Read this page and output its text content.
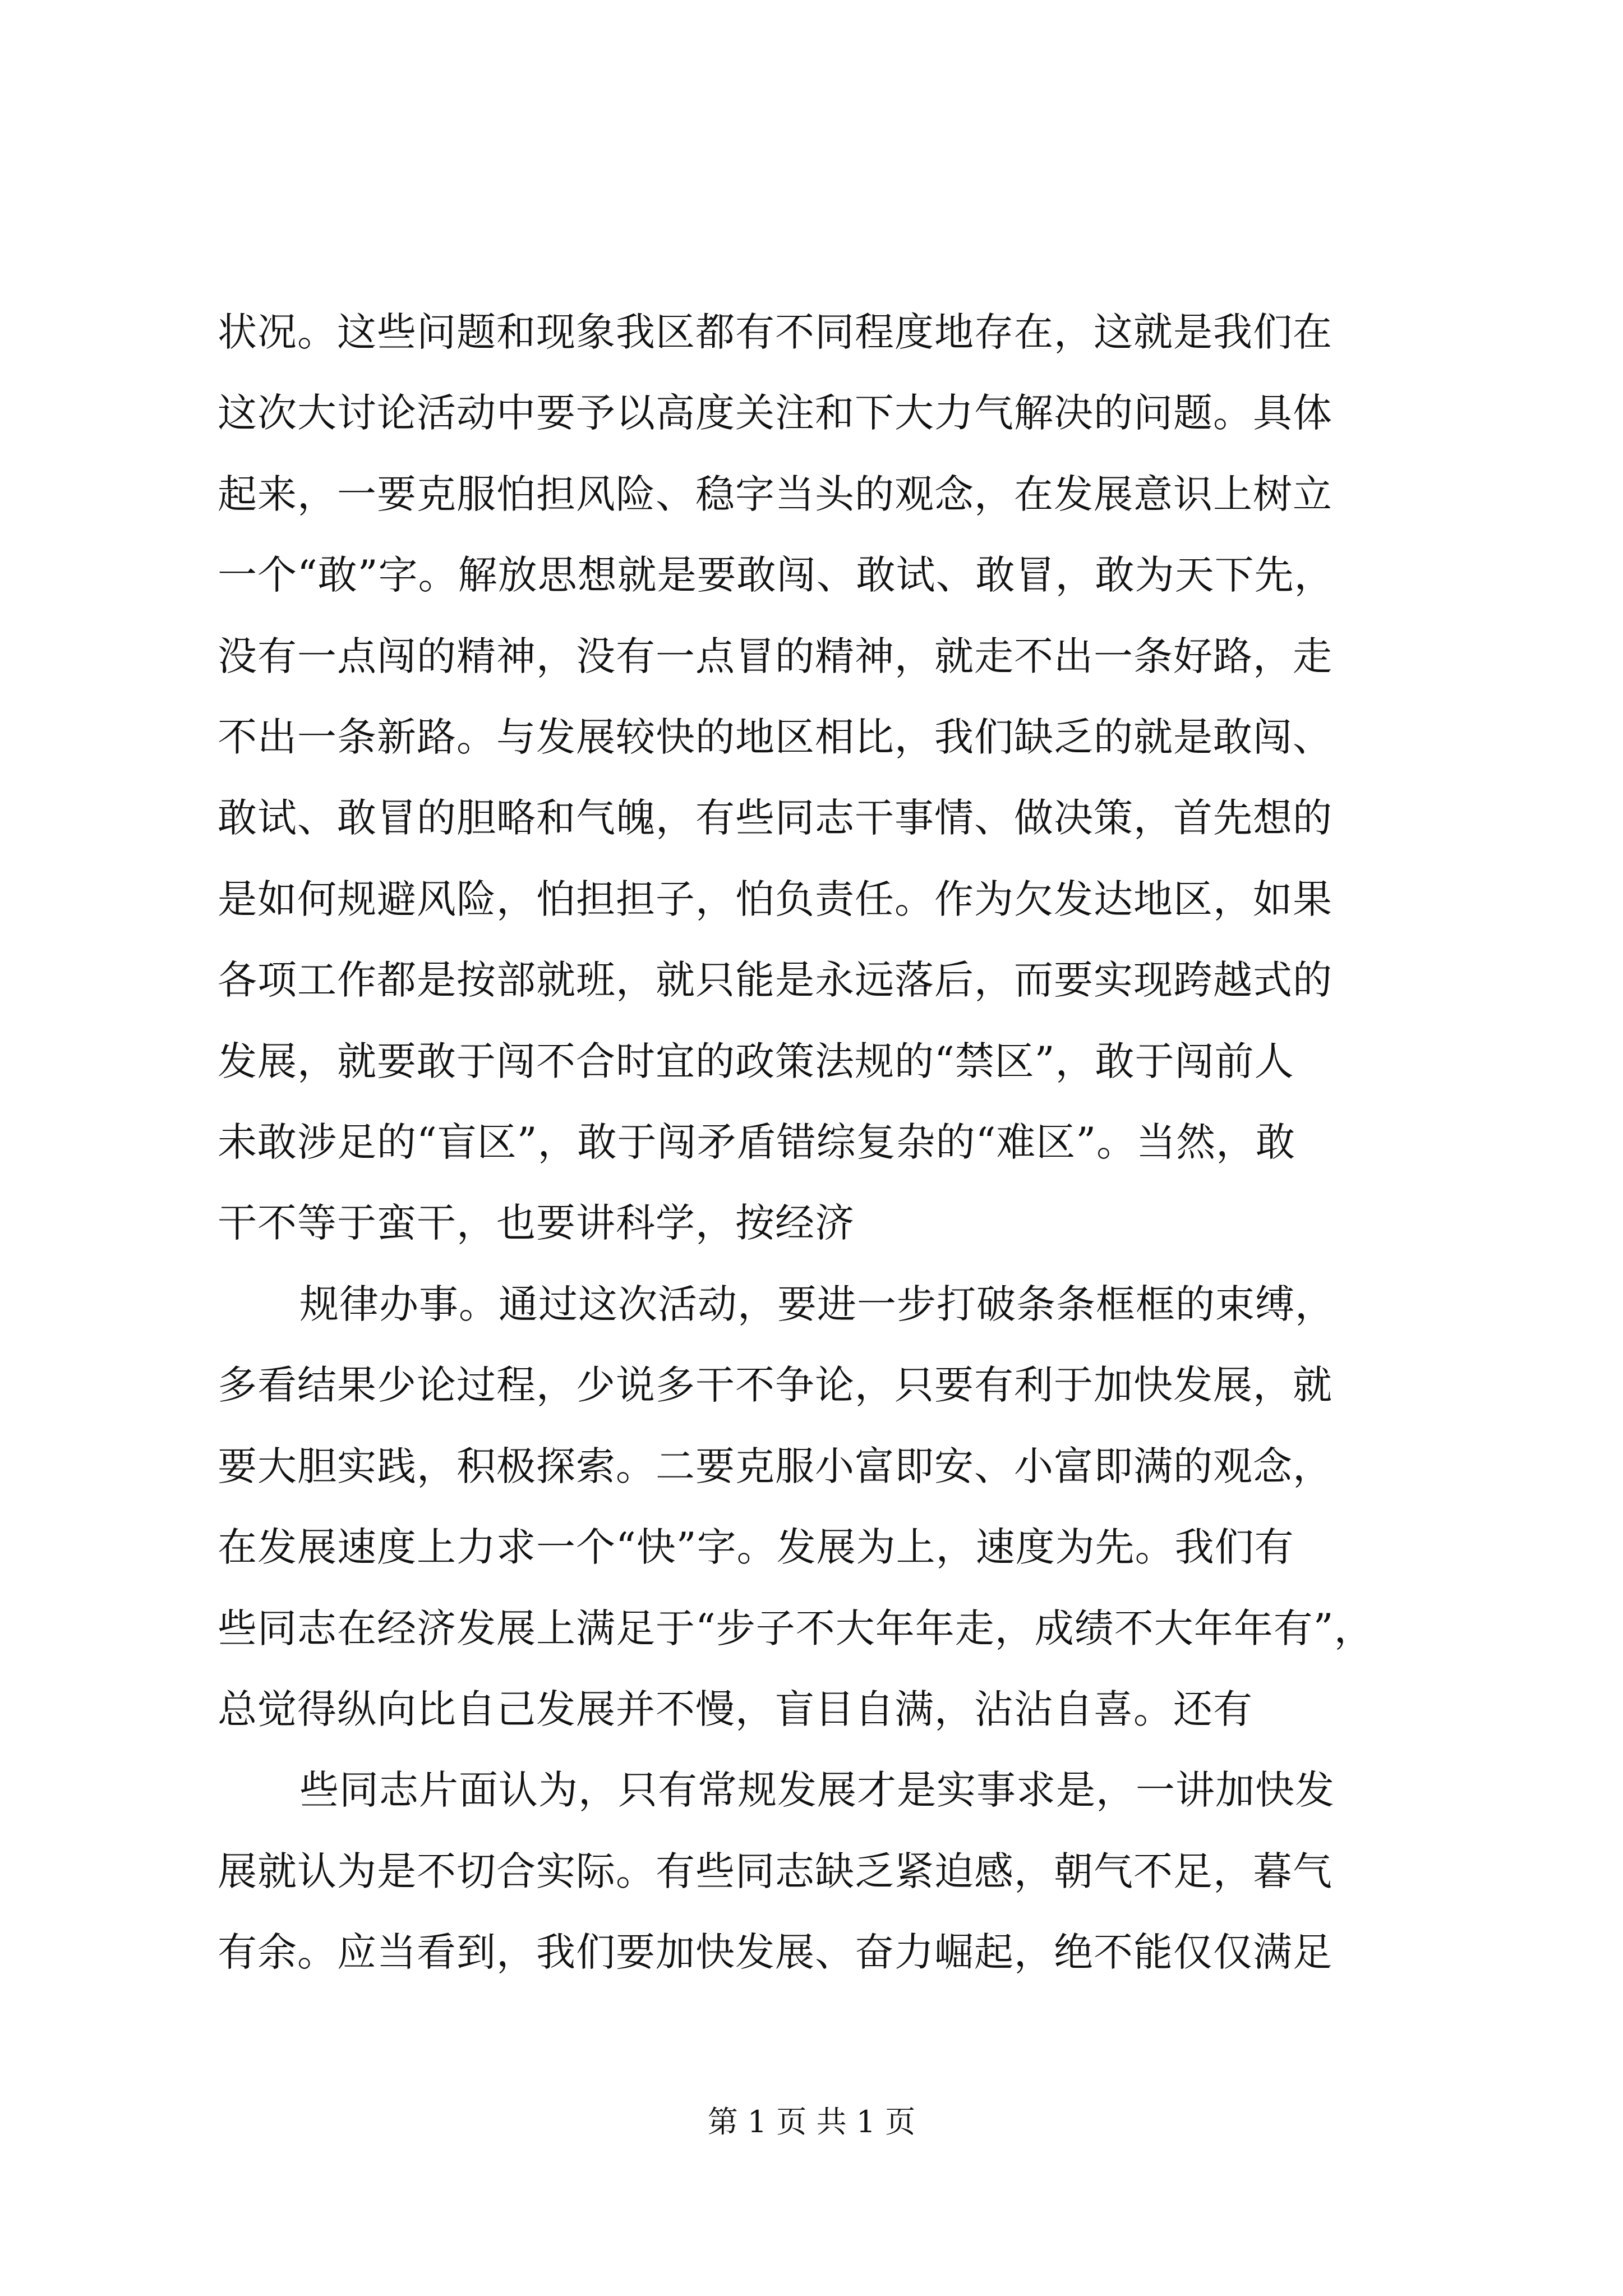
状况。这些问题和现象我区都有不同程度地存在，这就是我们在
这次大讨论活动中要予以高度关注和下大力气解决的问题。具体
起来，一要克服怕担风险、稳字当头的观念，在发展意识上树立
一个“敢”字。解放思想就是要敢闯、敢试、敢冒，敢为天下先，
没有一点闯的精神，没有一点冒的精神，就走不出一条好路，走
不出一条新路。与发展较快的地区相比，我们缺乏的就是敢闯、
敢试、敢冒的胆略和气魄，有些同志干事情、做决策，首先想的
是如何规避风险，怕担担子，怕负责任。作为欠发达地区，如果
各项工作都是按部就班，就只能是永远落后，而要实现跨越式的
发展，就要敢于闯不合时宜的政策法规的“禁区”，敢于闯前人
未敢涉足的“盲区”，敢于闯矛盾错综复杂的“难区”。当然，敢
干不等于蛮干，也要讲科学，按经济

规律办事。通过这次活动，要进一步打破条条框框的束缚，
多看结果少论过程，少说多干不争论，只要有利于加快发展，就
要大胆实践，积极探索。二要克服小富即安、小富即满的观念，
在发展速度上力求一个“快”字。发展为上，速度为先。我们有
些同志在经济发展上满足于“步子不大年年走，成绩不大年年有”，
总觉得纵向比自己发展并不慢，盲目自满，沾沾自喜。还有

些同志片面认为，只有常规发展才是实事求是，一讲加快发
展就认为是不切合实际。有些同志缺乏紧迫感，朝气不足，暮气
有余。应当看到，我们要加快发展、奋力崛起，绝不能仅仅满足

第 1 页 共 1 页
